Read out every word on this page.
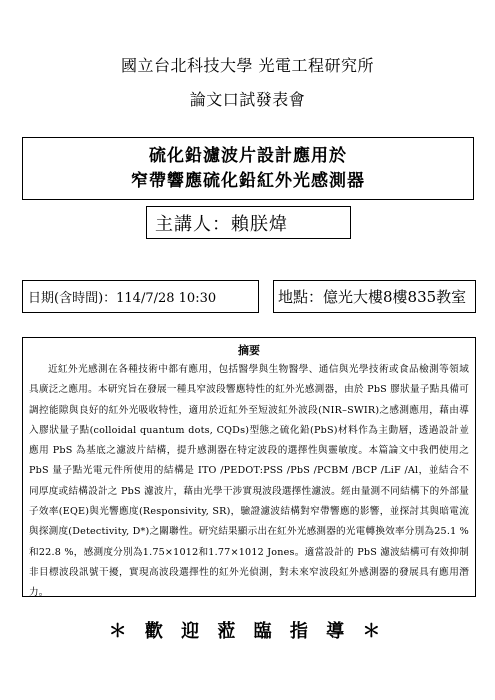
國立台北科技大學 光電工程研究所
論文口試發表會
硫化鉛濾波片設計應用於
窄帶響應硫化鉛紅外光感測器
主講人：賴朕煒
日期(含時間)：114/7/28 10:30	地點：億光大樓8樓835教室
摘要

近紅外光感測在各種技術中都有應用，包括醫學與生物醫學、通信與光學技術或食品檢測等領域具廣泛之應用。本研究旨在發展一種具窄波段響應特性的紅外光感測器，由於 PbS 膠狀量子點具備可調控能隙與良好的紅外光吸收特性，適用於近紅外至短波紅外波段(NIR–SWIR)之感測應用，藉由導入膠狀量子點(colloidal quantum dots, CQDs)型態之硫化鉛(PbS)材料作為主動層，透過設計並應用 PbS 為基底之濾波片結構，提升感測器在特定波段的選擇性與靈敏度。本篇論文中我們使用之 PbS 量子點光電元件所使用的結構是 ITO /PEDOT:PSS /PbS /PCBM /BCP /LiF /Al，並結合不同厚度或結構設計之 PbS 濾波片，藉由光學干涉實現波段選擇性濾波。經由量測不同結構下的外部量子效率(EQE)與光響應度(Responsivity, SR)，驗證濾波結構對窄帶響應的影響，並探討其與暗電流與探測度(Detectivity, D*)之關聯性。研究結果顯示出在紅外光感測器的光電轉換效率分別為25.1 %和22.8 %，感測度分別為1.75×1012和1.77×1012 Jones。適當設計的 PbS 濾波結構可有效抑制非目標波段訊號干擾，實現高波段選擇性的紅外光偵測，對未來窄波段紅外感測器的發展具有應用潛力。

＊ 歡 迎 蒞 臨 指 導 ＊
